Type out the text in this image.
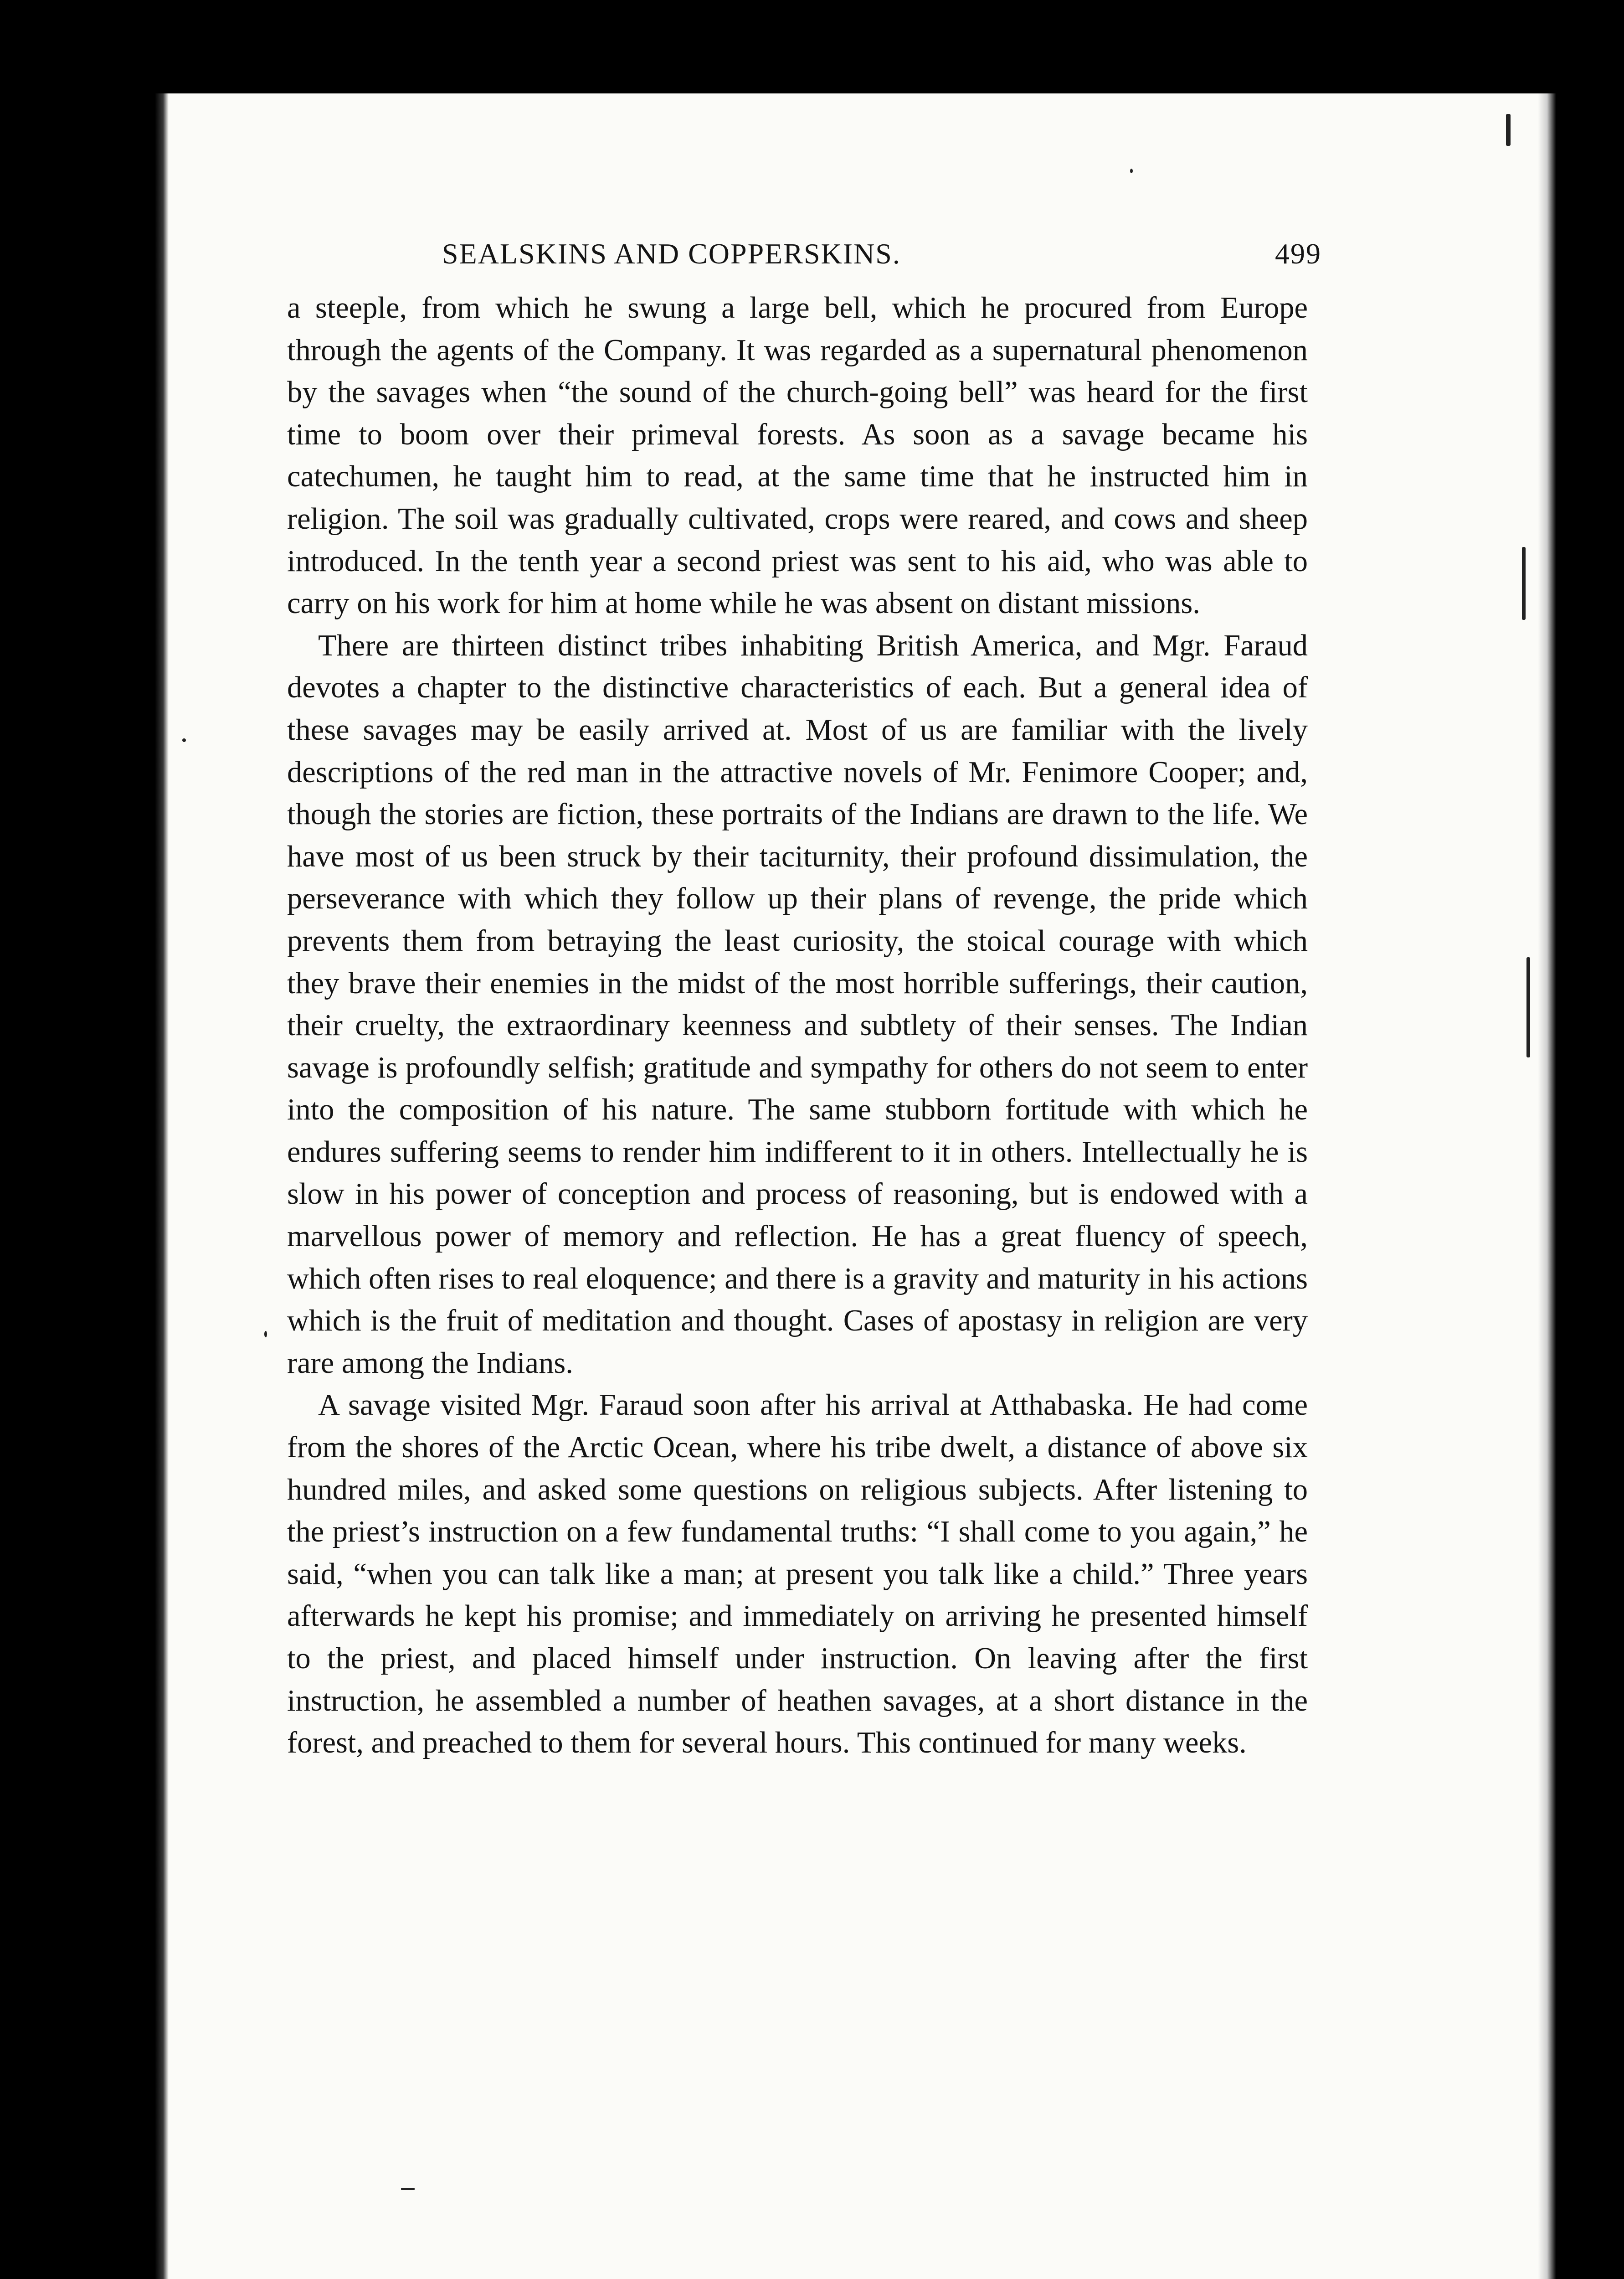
SEALSKINS AND COPPERSKINS.	499

a steeple, from which he swung a large bell, which he procured from Europe through the agents of the Company. It was regarded as a supernatural phenomenon by the savages when “the sound of the church-going bell” was heard for the first time to boom over their primeval forests. As soon as a savage became his catechumen, he taught him to read, at the same time that he instructed him in religion. The soil was gradually cultivated, crops were reared, and cows and sheep introduced. In the tenth year a second priest was sent to his aid, who was able to carry on his work for him at home while he was absent on distant missions.

There are thirteen distinct tribes inhabiting British America, and Mgr. Faraud devotes a chapter to the distinctive characteristics of each. But a general idea of these savages may be easily arrived at. Most of us are familiar with the lively descriptions of the red man in the attractive novels of Mr. Fenimore Cooper; and, though the stories are fiction, these portraits of the Indians are drawn to the life. We have most of us been struck by their taciturnity, their profound dissimulation, the perseverance with which they follow up their plans of revenge, the pride which prevents them from betraying the least curiosity, the stoical courage with which they brave their enemies in the midst of the most horrible sufferings, their caution, their cruelty, the extraordinary keenness and subtlety of their senses. The Indian savage is profoundly selfish; gratitude and sympathy for others do not seem to enter into the composition of his nature. The same stubborn fortitude with which he endures suffering seems to render him indifferent to it in others. Intellectually he is slow in his power of conception and process of reasoning, but is endowed with a marvellous power of memory and reflection. He has a great fluency of speech, which often rises to real eloquence; and there is a gravity and maturity in his actions which is the fruit of meditation and thought. Cases of apostasy in religion are very rare among the Indians.

A savage visited Mgr. Faraud soon after his arrival at Atthabaska. He had come from the shores of the Arctic Ocean, where his tribe dwelt, a distance of above six hundred miles, and asked some questions on religious subjects. After listening to the priest’s instruction on a few fundamental truths: “I shall come to you again,” he said, “when you can talk like a man; at present you talk like a child.” Three years afterwards he kept his promise; and immediately on arriving he presented himself to the priest, and placed himself under instruction. On leaving after the first instruction, he assembled a number of heathen savages, at a short distance in the forest, and preached to them for several hours. This continued for many weeks.
